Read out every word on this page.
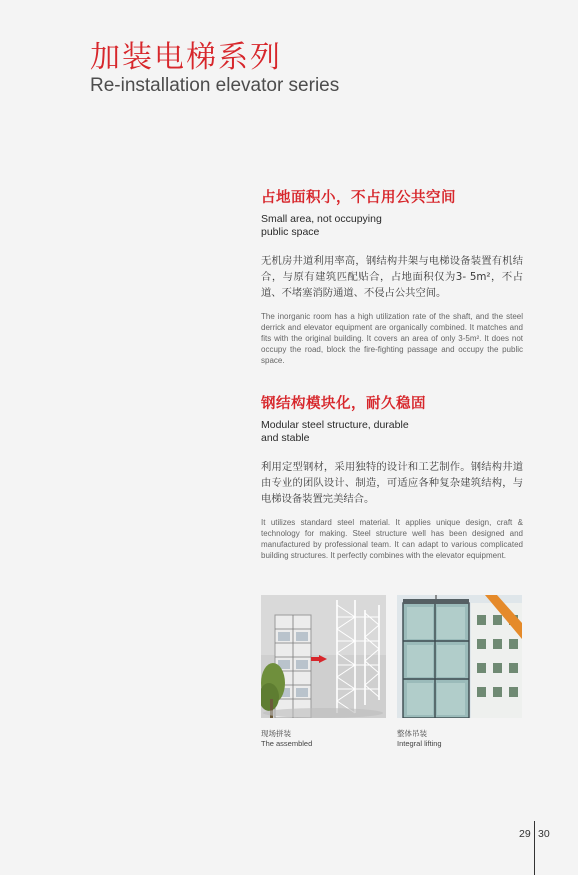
加装电梯系列
Re-installation elevator series
占地面积小，不占用公共空间
Small area, not occupying public space
无机房井道利用率高，钢结构井架与电梯设备装置有机结合，与原有建筑匹配贴合，占地面积仅为3- 5m²，不占道、不堵塞消防通道、不侵占公共空间。
The inorganic room has a high utilization rate of the shaft, and the steel derrick and elevator equipment are organically combined. It matches and fits with the original building. It covers an area of only 3-5m². It does not occupy the road, block the fire-fighting passage and occupy the public space.
钢结构模块化，耐久稳固
Modular steel structure, durable and stable
利用定型钢材，采用独特的设计和工艺制作。钢结构井道由专业的团队设计、制造，可适应各种复杂建筑结构，与电梯设备装置完美结合。
It utilizes standard steel material. It applies unique design, craft & technology for making. Steel structure well has been designed and manufactured by professional team. It can adapt to various complicated building structures. It perfectly combines with the elevator equipment.
现场拼装
The assembled
整体吊装
Integral lifting
29 30
